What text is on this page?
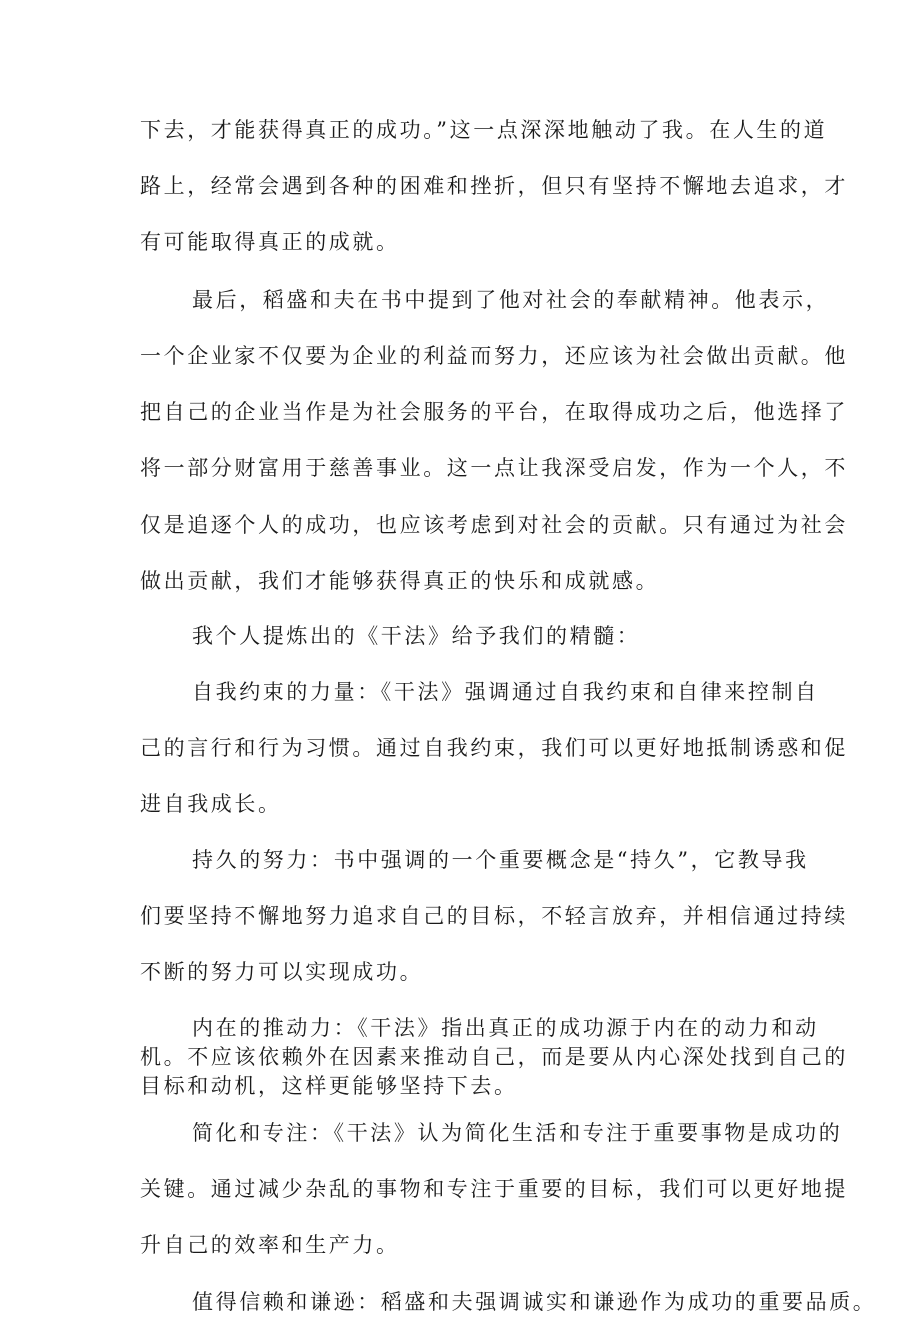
下去，才能获得真正的成功。”这一点深深地触动了我。在人生的道
路上，经常会遇到各种的困难和挫折，但只有坚持不懈地去追求，才
有可能取得真正的成就。
最后，稻盛和夫在书中提到了他对社会的奉献精神。他表示，
一个企业家不仅要为企业的利益而努力，还应该为社会做出贡献。他
把自己的企业当作是为社会服务的平台，在取得成功之后，他选择了
将一部分财富用于慈善事业。这一点让我深受启发，作为一个人，不
仅是追逐个人的成功，也应该考虑到对社会的贡献。只有通过为社会
做出贡献，我们才能够获得真正的快乐和成就感。
我个人提炼出的《干法》给予我们的精髓：
自我约束的力量：《干法》强调通过自我约束和自律来控制自
己的言行和行为习惯。通过自我约束，我们可以更好地抵制诱惑和促
进自我成长。
持久的努力：书中强调的一个重要概念是“持久”，它教导我
们要坚持不懈地努力追求自己的目标，不轻言放弃，并相信通过持续
不断的努力可以实现成功。
内在的推动力：《干法》指出真正的成功源于内在的动力和动
机。不应该依赖外在因素来推动自己，而是要从内心深处找到自己的
目标和动机，这样更能够坚持下去。
简化和专注：《干法》认为简化生活和专注于重要事物是成功的
关键。通过减少杂乱的事物和专注于重要的目标，我们可以更好地提
升自己的效率和生产力。
值得信赖和谦逊：稻盛和夫强调诚实和谦逊作为成功的重要品质。
